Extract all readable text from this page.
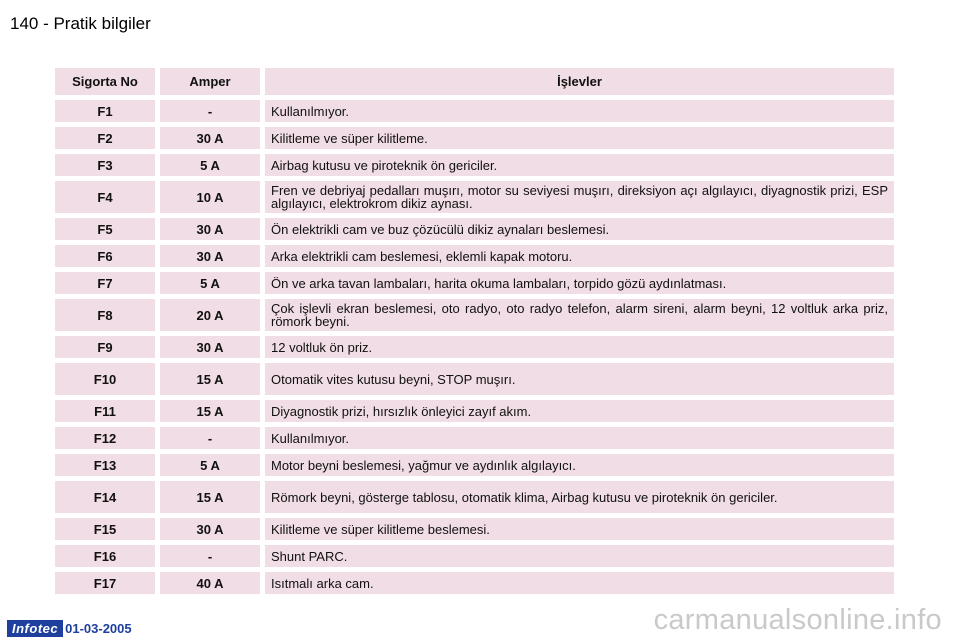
140 - Pratik bilgiler
Sigorta No	Amper	İşlevler
F1	-	Kullanılmıyor.
F2	30 A	Kilitleme ve süper kilitleme.
F3	5 A	Airbag kutusu ve piroteknik ön gericiler.
F4	10 A	Fren ve debriyaj pedalları muşırı, motor su seviyesi muşırı, direksiyon açı algılayıcı, diyagnostik prizi, ESP algılayıcı, elektrokrom dikiz aynası.
F5	30 A	Ön elektrikli cam ve buz çözücülü dikiz aynaları beslemesi.
F6	30 A	Arka elektrikli cam beslemesi, eklemli kapak motoru.
F7	5 A	Ön ve arka tavan lambaları, harita okuma lambaları, torpido gözü aydınlatması.
F8	20 A	Çok işlevli ekran beslemesi, oto radyo, oto radyo telefon, alarm sireni, alarm beyni, 12 voltluk arka priz, römork beyni.
F9	30 A	12 voltluk ön priz.
F10	15 A	Otomatik vites kutusu beyni, STOP muşırı.
F11	15 A	Diyagnostik prizi, hırsızlık önleyici zayıf akım.
F12	-	Kullanılmıyor.
F13	5 A	Motor beyni beslemesi, yağmur ve aydınlık algılayıcı.
F14	15 A	Römork beyni, gösterge tablosu, otomatik klima, Airbag kutusu ve piroteknik ön gericiler.
F15	30 A	Kilitleme ve süper kilitleme beslemesi.
F16	-	Shunt PARC.
F17	40 A	Isıtmalı arka cam.
Infotec 01-03-2005	carmanualsonline.info
